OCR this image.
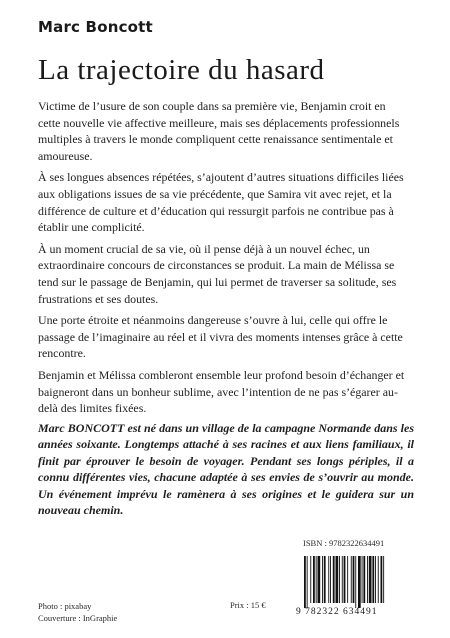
Marc Boncott
La trajectoire du hasard

Victime de l’usure de son couple dans sa première vie, Benjamin croit en cette nouvelle vie affective meilleure, mais ses déplacements professionnels multiples à travers le monde compliquent cette renaissance sentimentale et amoureuse.

À ses longues absences répétées, s’ajoutent d’autres situations difficiles liées aux obligations issues de sa vie précédente, que Samira vit avec rejet, et la différence de culture et d’éducation qui ressurgit parfois ne contribue pas à établir une complicité.

À un moment crucial de sa vie, où il pense déjà à un nouvel échec, un extraordinaire concours de circonstances se produit. La main de Mélissa se tend sur le passage de Benjamin, qui lui permet de traverser sa solitude, ses frustrations et ses doutes.

Une porte étroite et néanmoins dangereuse s’ouvre à lui, celle qui offre le passage de l’imaginaire au réel et il vivra des moments intenses grâce à cette rencontre.

Benjamin et Mélissa combleront ensemble leur profond besoin d’échanger et baigneront dans un bonheur sublime, avec l’intention de ne pas s’égarer au-delà des limites fixées.

Marc BONCOTT est né dans un village de la campagne Normande dans les années soixante. Longtemps attaché à ses racines et aux liens familiaux, il finit par éprouver le besoin de voyager. Pendant ses longs périples, il a connu différentes vies, chacune adaptée à ses envies de s’ouvrir au monde. Un événement imprévu le ramènera à ses origines et le guidera sur un nouveau chemin.

ISBN : 9782322634491
9 782322 634491
Photo : pixabay
Couverture : InGraphie
Prix : 15 €
